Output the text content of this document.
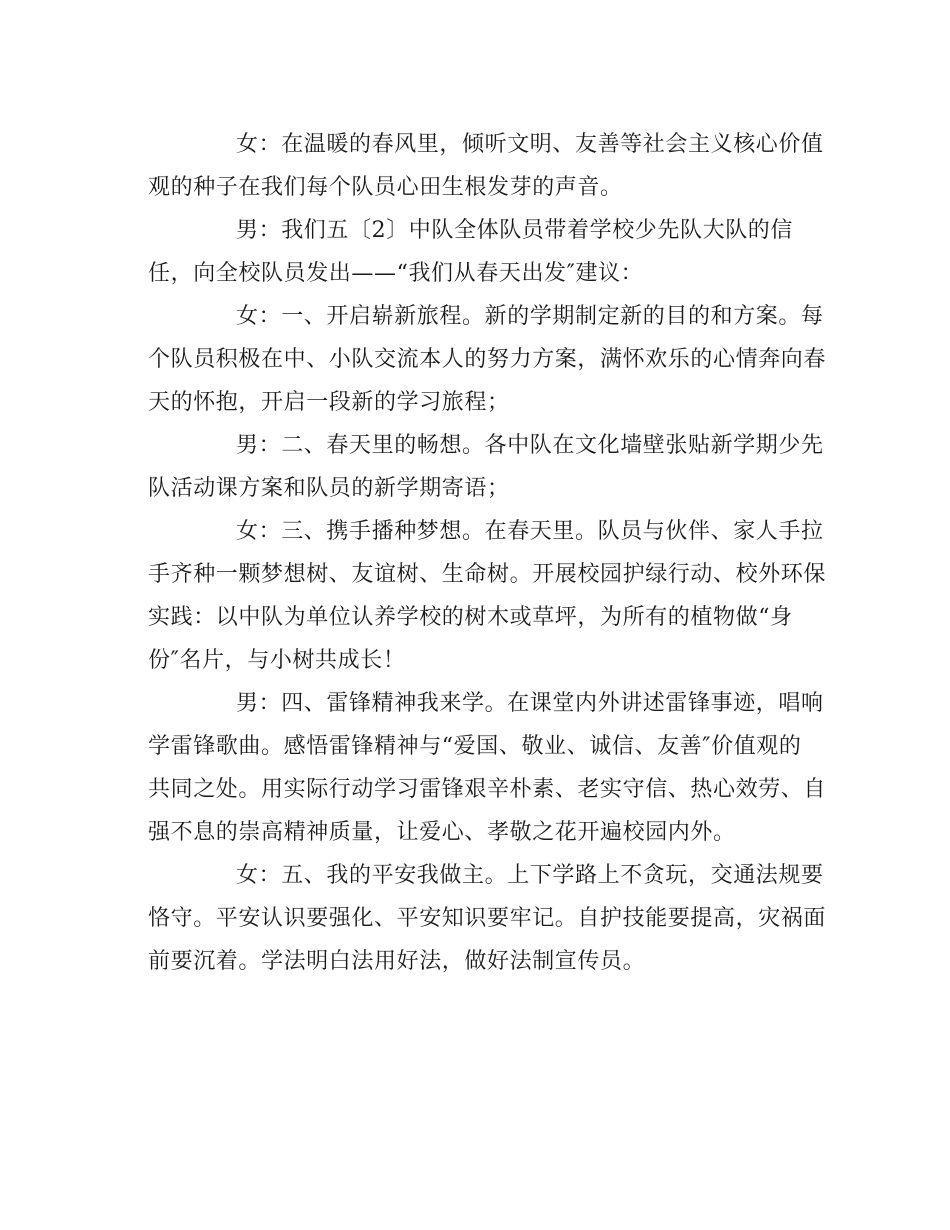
女：在温暖的春风里，倾听文明、友善等社会主义核心价值
观的种子在我们每个队员心田生根发芽的声音。
男：我们五〔2〕中队全体队员带着学校少先队大队的信
任，向全校队员发出——“我们从春天出发″建议：
女：一、开启崭新旅程。新的学期制定新的目的和方案。每
个队员积极在中、小队交流本人的努力方案，满怀欢乐的心情奔向春
天的怀抱，开启一段新的学习旅程；
男：二、春天里的畅想。各中队在文化墙壁张贴新学期少先
队活动课方案和队员的新学期寄语；
女：三、携手播种梦想。在春天里。队员与伙伴、家人手拉
手齐种一颗梦想树、友谊树、生命树。开展校园护绿行动、校外环保
实践：以中队为单位认养学校的树木或草坪，为所有的植物做“身
份″名片，与小树共成长！
男：四、雷锋精神我来学。在课堂内外讲述雷锋事迹，唱响
学雷锋歌曲。感悟雷锋精神与“爱国、敬业、诚信、友善″价值观的
共同之处。用实际行动学习雷锋艰辛朴素、老实守信、热心效劳、自
强不息的崇高精神质量，让爱心、孝敬之花开遍校园内外。
女：五、我的平安我做主。上下学路上不贪玩，交通法规要
恪守。平安认识要强化、平安知识要牢记。自护技能要提高，灾祸面
前要沉着。学法明白法用好法，做好法制宣传员。
